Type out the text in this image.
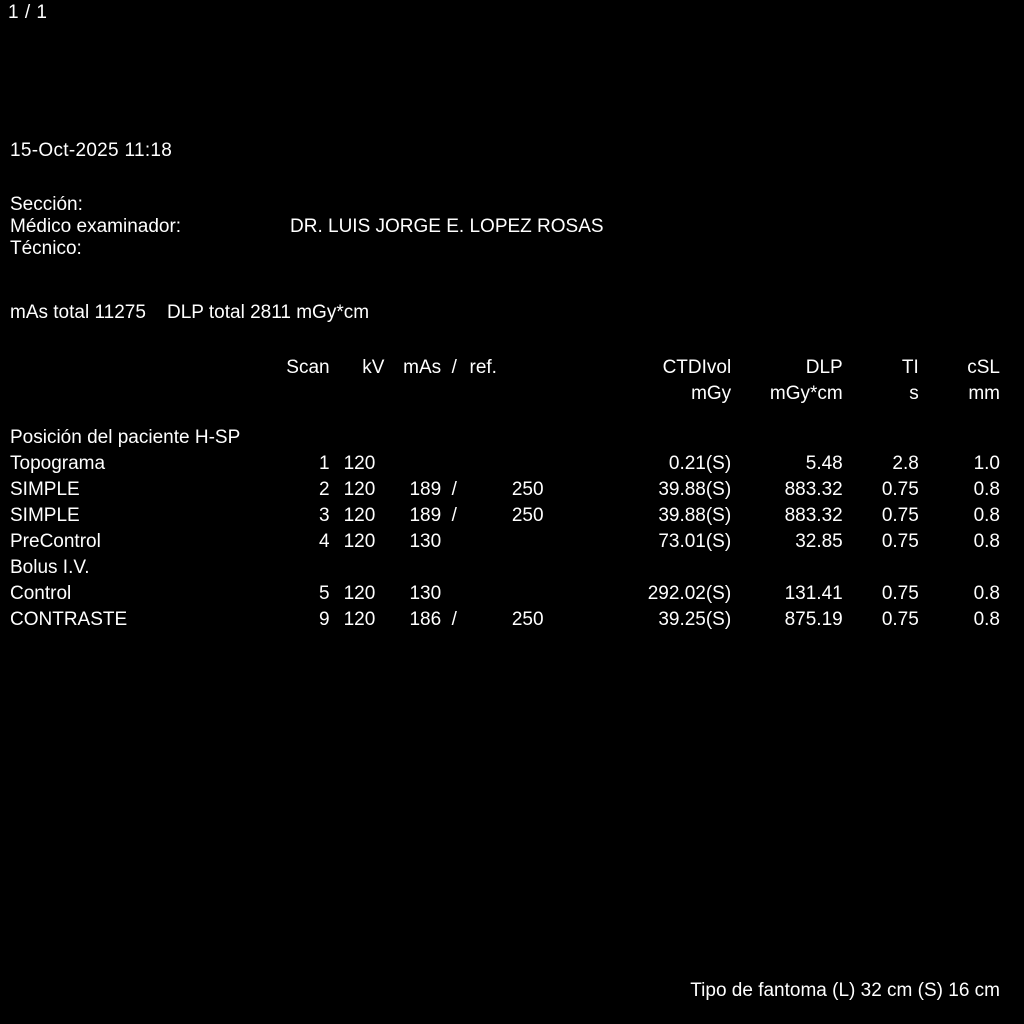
1 / 1
15-Oct-2025 11:18
Sección:
Médico examinador:	DR. LUIS JORGE E. LOPEZ ROSAS
Técnico:
mAs total 11275    DLP total 2811 mGy*cm
	Scan	kV	mAs	/	ref.	CTDIvol	DLP	TI	cSL
						mGy	mGy*cm	s	mm

Posición del paciente H-SP									
Topograma	1	120				0.21(S)	5.48	2.8	1.0
SIMPLE	2	120	189	/	250	39.88(S)	883.32	0.75	0.8
SIMPLE	3	120	189	/	250	39.88(S)	883.32	0.75	0.8
PreControl	4	120	130			73.01(S)	32.85	0.75	0.8
Bolus I.V.									
Control	5	120	130			292.02(S)	131.41	0.75	0.8
CONTRASTE	9	120	186	/	250	39.25(S)	875.19	0.75	0.8
Tipo de fantoma (L) 32 cm (S) 16 cm
